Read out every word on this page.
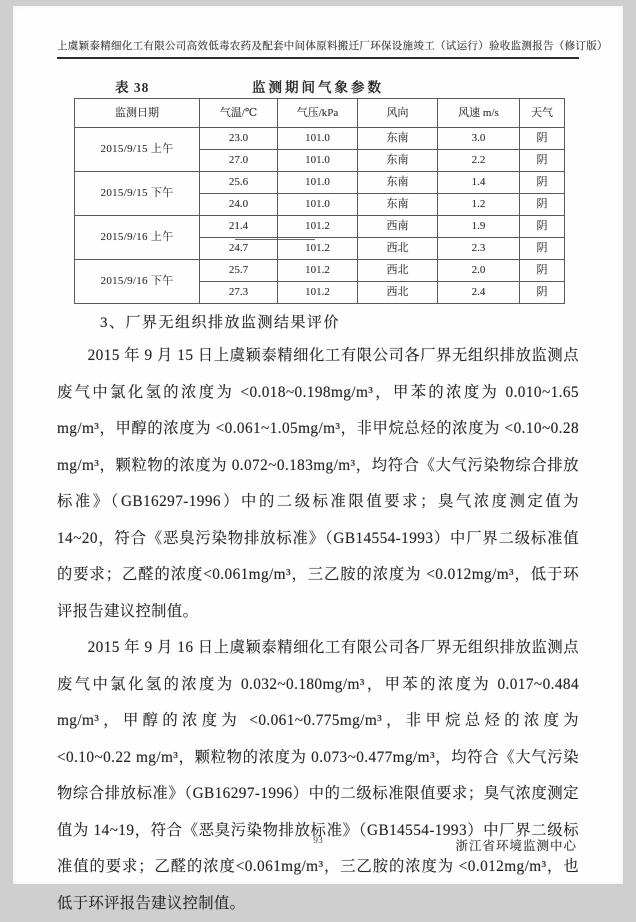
上虞颖泰精细化工有限公司高效低毒农药及配套中间体原料搬迁厂环保设施竣工（试运行）验收监测报告（修订版）
表 38	监测期间气象参数
监测日期	气温/℃	气压/kPa	风向	风速 m/s	天气
2015/9/15 上午	23.0	101.0	东南	3.0	阴
	27.0	101.0	东南	2.2	阴
2015/9/15 下午	25.6	101.0	东南	1.4	阴
	24.0	101.0	东南	1.2	阴
2015/9/16 上午	21.4	101.2	西南	1.9	阴
	24.7	101.2	西北	2.3	阴
2015/9/16 下午	25.7	101.2	西北	2.0	阴
	27.3	101.2	西北	2.4	阴
3、厂界无组织排放监测结果评价

2015 年 9 月 15 日上虞颖泰精细化工有限公司各厂界无组织排放监测点废气中氯化氢的浓度为 <0.018~0.198mg/m³，甲苯的浓度为 0.010~1.65 mg/m³，甲醇的浓度为 <0.061~1.05mg/m³，非甲烷总烃的浓度为 <0.10~0.28 mg/m³，颗粒物的浓度为 0.072~0.183mg/m³，均符合《大气污染物综合排放标准》（GB16297-1996）中的二级标准限值要求；臭气浓度测定值为 14~20，符合《恶臭污染物排放标准》（GB14554-1993）中厂界二级标准值的要求；乙醛的浓度<0.061mg/m³，三乙胺的浓度为 <0.012mg/m³，低于环评报告建议控制值。

2015 年 9 月 16 日上虞颖泰精细化工有限公司各厂界无组织排放监测点废气中氯化氢的浓度为 0.032~0.180mg/m³，甲苯的浓度为 0.017~0.484 mg/m³，甲醇的浓度为 <0.061~0.775mg/m³，非甲烷总烃的浓度为 <0.10~0.22 mg/m³，颗粒物的浓度为 0.073~0.477mg/m³，均符合《大气污染物综合排放标准》（GB16297-1996）中的二级标准限值要求；臭气浓度测定值为 14~19，符合《恶臭污染物排放标准》（GB14554-1993）中厂界二级标准值的要求；乙醛的浓度<0.061mg/m³，三乙胺的浓度为 <0.012mg/m³，也低于环评报告建议控制值。

93	浙江省环境监测中心
